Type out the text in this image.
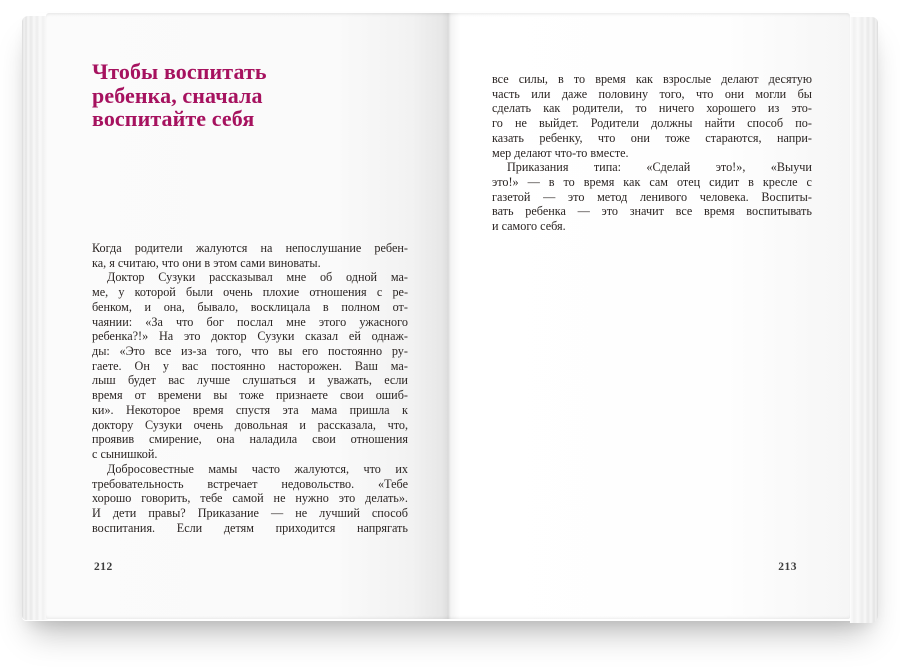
Чтобы воспитать
ребенка, сначала
воспитайте себя
Когда родители жалуются на непослушание ребен-
ка, я считаю, что они в этом сами виноваты.
Доктор Сузуки рассказывал мне об одной ма-
ме, у которой были очень плохие отношения с ре-
бенком, и она, бывало, восклицала в полном от-
чаянии: «За что бог послал мне этого ужасного
ребенка?!» На это доктор Сузуки сказал ей однаж-
ды: «Это все из-за того, что вы его постоянно ру-
гаете. Он у вас постоянно насторожен. Ваш ма-
лыш будет вас лучше слушаться и уважать, если
время от времени вы тоже признаете свои ошиб-
ки». Некоторое время спустя эта мама пришла к
доктору Сузуки очень довольная и рассказала, что,
проявив смирение, она наладила свои отношения
с сынишкой.
Добросовестные мамы часто жалуются, что их
требовательность встречает недовольство. «Тебе
хорошо говорить, тебе самой не нужно это делать».
И дети правы? Приказание — не лучший способ
воспитания. Если детям приходится напрягать
212
все силы, в то время как взрослые делают десятую
часть или даже половину того, что они могли бы
сделать как родители, то ничего хорошего из это-
го не выйдет. Родители должны найти способ по-
казать ребенку, что они тоже стараются, напри-
мер делают что-то вместе.
Приказания типа: «Сделай это!», «Выучи
это!» — в то время как сам отец сидит в кресле с
газетой — это метод ленивого человека. Воспиты-
вать ребенка — это значит все время воспитывать
и самого себя.
213
